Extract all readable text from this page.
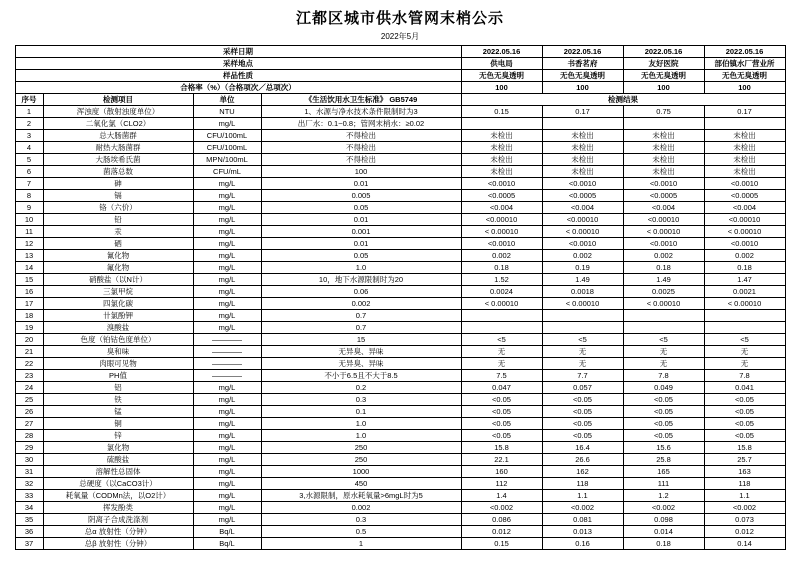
江都区城市供水管网末梢公示
2022年5月
采样日期				2022.05.16	2022.05.16	2022.05.16	2022.05.16
采样地点				供电局	书香茗府	友好医院	部伯镇水厂营业所
样品性质				无色无臭透明	无色无臭透明	无色无臭透明	无色无臭透明
合格率（%）（合格项次／总项次）				100	100	100	100
序号	检测项目	单位	《生活饮用水卫生标准》 GB5749	检测结果			
1	浑浊度（散射浊度单位）	NTU	1、水源与净水技术条件限制时为3	0.15	0.17	0.75	0.17
2	二氧化氯（CLO2）	mg/L	出厂水：0.1~0.8；管网末梢水：≥0.02				
3	总大肠菌群	CFU/100mL	不得检出	未检出	未检出	未检出	未检出
4	耐热大肠菌群	CFU/100mL	不得检出	未检出	未检出	未检出	未检出
5	大肠埃希氏菌	MPN/100mL	不得检出	未检出	未检出	未检出	未检出
6	菌落总数	CFU/mL	100	未检出	未检出	未检出	未检出
7	砷	mg/L	0.01	<0.0010	<0.0010	<0.0010	<0.0010
8	镉	mg/L	0.005	<0.0005	<0.0005	<0.0005	<0.0005
9	铬（六价）	mg/L	0.05	<0.004	<0.004	<0.004	<0.004
10	铅	mg/L	0.01	<0.00010	<0.00010	<0.00010	<0.00010
11	汞	mg/L	0.001	< 0.00010	< 0.00010	< 0.00010	< 0.00010
12	硒	mg/L	0.01	<0.0010	<0.0010	<0.0010	<0.0010
13	氰化物	mg/L	0.05	0.002	0.002	0.002	0.002
14	氟化物	mg/L	1.0	0.18	0.19	0.18	0.18
15	硝酸盐（以N计）	mg/L	10，地下水源限制时为20	1.52	1.49	1.49	1.47
16	三氯甲烷	mg/L	0.06	0.0024	0.0018	0.0025	0.0021
17	四氯化碳	mg/L	0.002	< 0.00010	< 0.00010	< 0.00010	< 0.00010
18	卄氯酚钾	mg/L	0.7				
19	溴酸盐	mg/L	0.7				
20	色度（铂钴色度单位）	————	15	<5	<5	<5	<5
21	臭和味	————	无异臭、异味	无	无	无	无
22	肉眼可见物	————	无异臭、异味	无	无	无	无
23	PH值	————	不小于6.5且不大于8.5	7.5	7.7	7.8	7.8
24	铝	mg/L	0.2	0.047	0.057	0.049	0.041
25	铁	mg/L	0.3	<0.05	<0.05	<0.05	<0.05
26	锰	mg/L	0.1	<0.05	<0.05	<0.05	<0.05
27	铜	mg/L	1.0	<0.05	<0.05	<0.05	<0.05
28	锌	mg/L	1.0	<0.05	<0.05	<0.05	<0.05
29	氯化物	mg/L	250	15.8	16.4	15.6	15.8
30	硫酸盐	mg/L	250	22.1	26.6	25.8	25.7
31	溶解性总固体	mg/L	1000	160	162	165	163
32	总硬度（以CaCO3计）	mg/L	450	112	118	111	118
33	耗氧量（CODMn法，以O2计）	mg/L	3,水源限制，原水耗氧量>6mgL时为5	1.4	1.1	1.2	1.1
34	挥发酚类	mg/L	0.002	<0.002	<0.002	<0.002	<0.002
35	阴离子合成洗涤剂	mg/L	0.3	0.086	0.081	0.098	0.073
36	总α 放射性（分钟）	Bq/L	0.5	0.012	0.013	0.014	0.012
37	总β 放射性（分钟）	Bq/L	1	0.15	0.16	0.18	0.14
